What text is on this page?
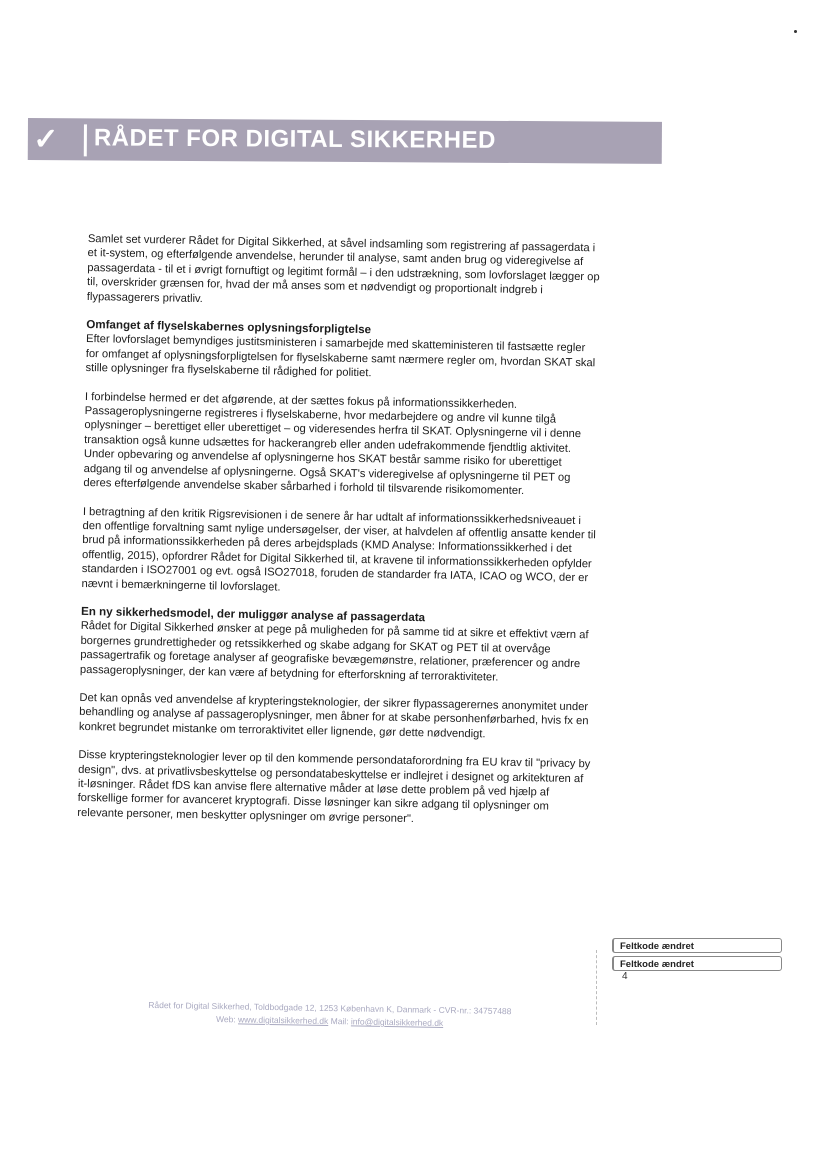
✓ RÅDET FOR DIGITAL SIKKERHED

Samlet set vurderer Rådet for Digital Sikkerhed, at såvel indsamling som registrering af passagerdata i et it-system, og efterfølgende anvendelse, herunder til analyse, samt anden brug og videregivelse af passagerdata - til et i øvrigt fornuftigt og legitimt formål – i den udstrækning, som lovforslaget lægger op til, overskrider grænsen for, hvad der må anses som et nødvendigt og proportionalt indgreb i flypassagerers privatliv.

Omfanget af flyselskabernes oplysningsforpligtelse

Efter lovforslaget bemyndiges justitsministeren i samarbejde med skatteministeren til fastsætte regler for omfanget af oplysningsforpligtelsen for flyselskaberne samt nærmere regler om, hvordan SKAT skal stille oplysninger fra flyselskaberne til rådighed for politiet.

I forbindelse hermed er det afgørende, at der sættes fokus på informationssikkerheden. Passageroplysningerne registreres i flyselskaberne, hvor medarbejdere og andre vil kunne tilgå oplysninger – berettiget eller uberettiget – og videresendes herfra til SKAT. Oplysningerne vil i denne transaktion også kunne udsættes for hackerangreb eller anden udefrakommende fjendtlig aktivitet. Under opbevaring og anvendelse af oplysningerne hos SKAT består samme risiko for uberettiget adgang til og anvendelse af oplysningerne. Også SKAT's videregivelse af oplysningerne til PET og deres efterfølgende anvendelse skaber sårbarhed i forhold til tilsvarende risikomomenter.

I betragtning af den kritik Rigsrevisionen i de senere år har udtalt af informationssikkerhedsniveauet i den offentlige forvaltning samt nylige undersøgelser, der viser, at halvdelen af offentlig ansatte kender til brud på informationssikkerheden på deres arbejdsplads (KMD Analyse: Informationssikkerhed i det offentlig, 2015), opfordrer Rådet for Digital Sikkerhed til, at kravene til informationssikkerheden opfylder standarden i ISO27001 og evt. også ISO27018, foruden de standarder fra IATA, ICAO og WCO, der er nævnt i bemærkningerne til lovforslaget.

En ny sikkerhedsmodel, der muliggør analyse af passagerdata

Rådet for Digital Sikkerhed ønsker at pege på muligheden for på samme tid at sikre et effektivt værn af borgernes grundrettigheder og retssikkerhed og skabe adgang for SKAT og PET til at overvåge passagertrafik og foretage analyser af geografiske bevægemønstre, relationer, præferencer og andre passageroplysninger, der kan være af betydning for efterforskning af terroraktiviteter.

Det kan opnås ved anvendelse af krypteringsteknologier, der sikrer flypassagerernes anonymitet under behandling og analyse af passageroplysninger, men åbner for at skabe personhenførbarhed, hvis fx en konkret begrundet mistanke om terroraktivitet eller lignende, gør dette nødvendigt.

Disse krypteringsteknologier lever op til den kommende persondataforordning fra EU krav til "privacy by design", dvs. at privatlivsbeskyttelse og persondatabeskyttelse er indlejret i designet og arkitekturen af it-løsninger. Rådet fDS kan anvise flere alternative måder at løse dette problem på ved hjælp af forskellige former for avanceret kryptografi. Disse løsninger kan sikre adgang til oplysninger om relevante personer, men beskytter oplysninger om øvrige personer".

Feltkode ændret
Feltkode ændret
4
Rådet for Digital Sikkerhed, Toldbodgade 12, 1253 København K, Danmark - CVR-nr.: 34757488
Web: www.digitalsikkerhed.dk Mail: info@digitalsikkerhed.dk
